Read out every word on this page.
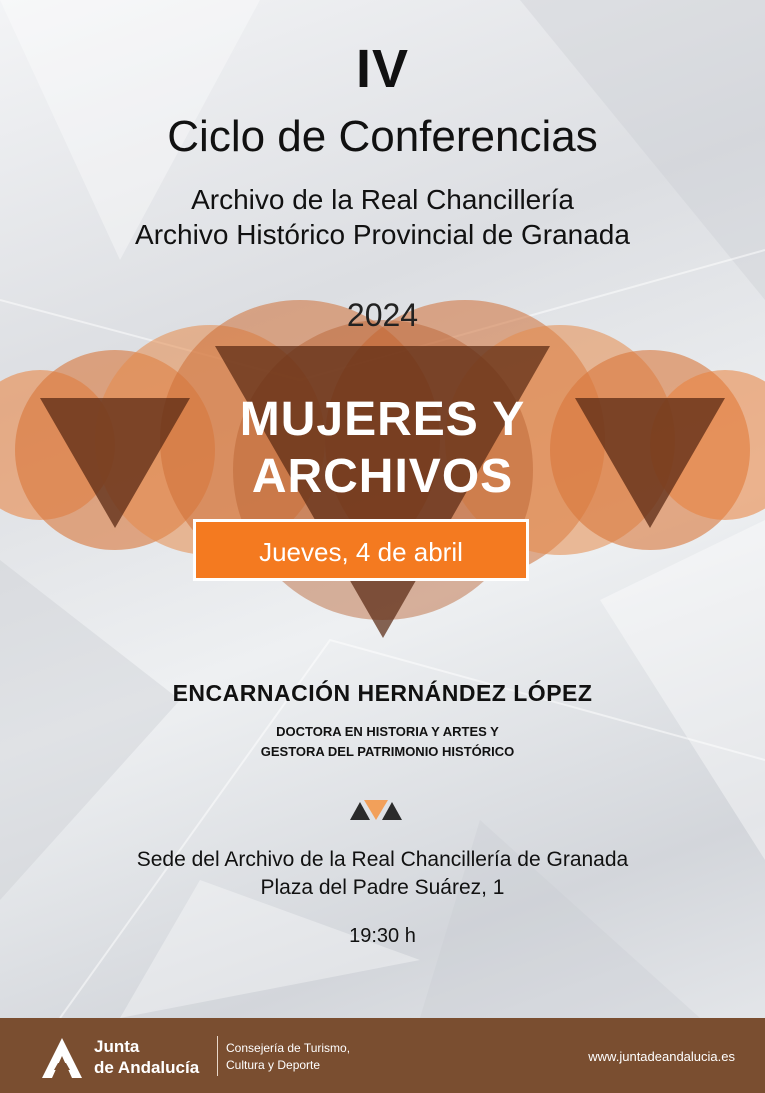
IV
Ciclo de Conferencias
Archivo de la Real Chancillería
Archivo Histórico Provincial de Granada
2024
MUJERES Y
ARCHIVOS
Jueves, 4 de abril
ENCARNACIÓN HERNÁNDEZ LÓPEZ
DOCTORA EN HISTORIA Y ARTES Y
GESTORA DEL PATRIMONIO HISTÓRICO
Sede del Archivo de la Real Chancillería de Granada
Plaza del Padre Suárez, 1
19:30 h
Junta
de Andalucía
Consejería de Turismo,
Cultura y Deporte
www.juntadeandalucia.es
